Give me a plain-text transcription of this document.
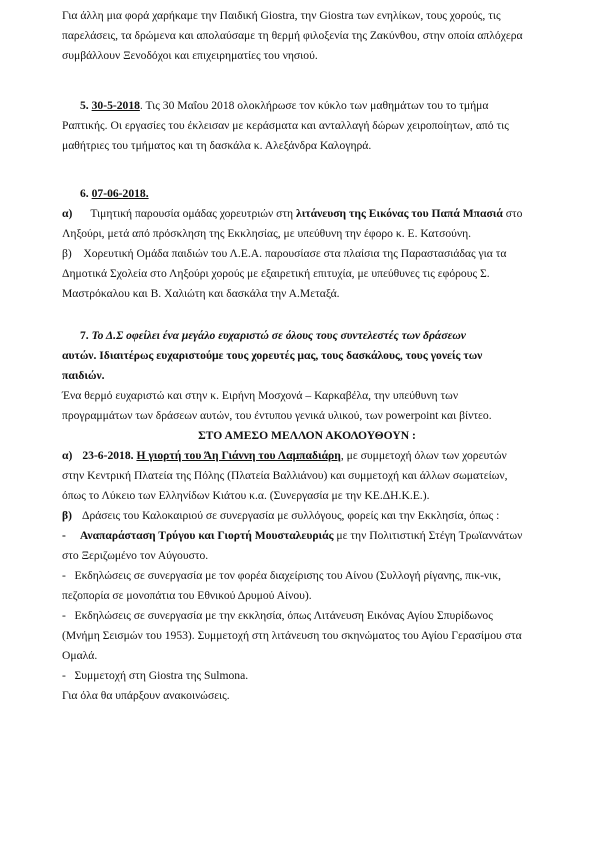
Για άλλη μια φορά χαρήκαμε την Παιδική Giostra, την Giostra των ενηλίκων, τους χορούς, τις
παρελάσεις, τα δρώμενα και απολαύσαμε τη θερμή φιλοξενία της Ζακύνθου, στην οποία απλόχερα
συμβάλλουν Ξενοδόχοι και επιχειρηματίες του νησιού.
5. 30-5-2018. Τις 30 Μαΐου 2018 ολοκλήρωσε τον κύκλο των μαθημάτων του το τμήμα
Ραπτικής. Οι εργασίες του έκλεισαν με κεράσματα και ανταλλαγή δώρων χειροποίητων, από τις
μαθήτριες του τμήματος και τη δασκάλα κ. Αλεξάνδρα Καλογηρά.
6. 07-06-2018.
α) Τιμητική παρουσία ομάδας χορευτριών στη λιτάνευση της Εικόνας του Παπά Μπασιά στο
Ληξούρι, μετά από πρόσκληση της Εκκλησίας, με υπεύθυνη την έφορο κ. Ε. Κατσούνη.
β)    Χορευτική Ομάδα παιδιών του Λ.Ε.Α. παρουσίασε στα πλαίσια της Παραστασιάδας για τα
Δημοτικά Σχολεία στο Ληξούρι χορούς με εξαιρετική επιτυχία, με υπεύθυνες τις εφόρους Σ.
Μαστρόκαλου και Β. Χαλιώτη και δασκάλα την Α.Μεταξά.
7. Το Δ.Σ οφείλει ένα μεγάλο ευχαριστώ σε όλους τους συντελεστές των δράσεων
αυτών. Ιδιαιτέρως ευχαριστούμε τους χορευτές μας, τους δασκάλους, τους γονείς των
παιδιών.
Ένα θερμό ευχαριστώ και στην κ. Ειρήνη Μοσχονά – Καρκαβέλα, την υπεύθυνη των
προγραμμάτων των δράσεων αυτών, του έντυπου γενικά υλικού, των powerpoint και βίντεο.
ΣΤΟ ΑΜΕΣΟ ΜΕΛΛΟΝ ΑΚΟΛΟΥΘΟΥΝ :
α) 23-6-2018. Η γιορτή του Άη Γιάννη του Λαμπαδιάρη, με συμμετοχή όλων των χορευτών
στην Κεντρική Πλατεία της Πόλης (Πλατεία Βαλλιάνου) και συμμετοχή και άλλων σωματείων,
όπως το Λύκειο των Ελληνίδων Κιάτου κ.α. (Συνεργασία με την ΚΕ.ΔΗ.Κ.Ε.).
β) Δράσεις του Καλοκαιριού σε συνεργασία με συλλόγους, φορείς και την Εκκλησία, όπως :
- Αναπαράσταση Τρύγου και Γιορτή Μουσταλευριάς με την Πολιτιστική Στέγη Τρωϊαννάτων
στο Ξεριζωμένο τον Αύγουστο.
-   Εκδηλώσεις σε συνεργασία με τον φορέα διαχείρισης του Αίνου (Συλλογή ρίγανης, πικ-νικ,
πεζοπορία σε μονοπάτια του Εθνικού Δρυμού Αίνου).
-   Εκδηλώσεις σε συνεργασία με την εκκλησία, όπως Λιτάνευση Εικόνας Αγίου Σπυρίδωνος
(Μνήμη Σεισμών του 1953). Συμμετοχή στη λιτάνευση του σκηνώματος του Αγίου Γερασίμου στα
Ομαλά.
-   Συμμετοχή στη Giostra της Sulmona.
Για όλα θα υπάρξουν ανακοινώσεις.
